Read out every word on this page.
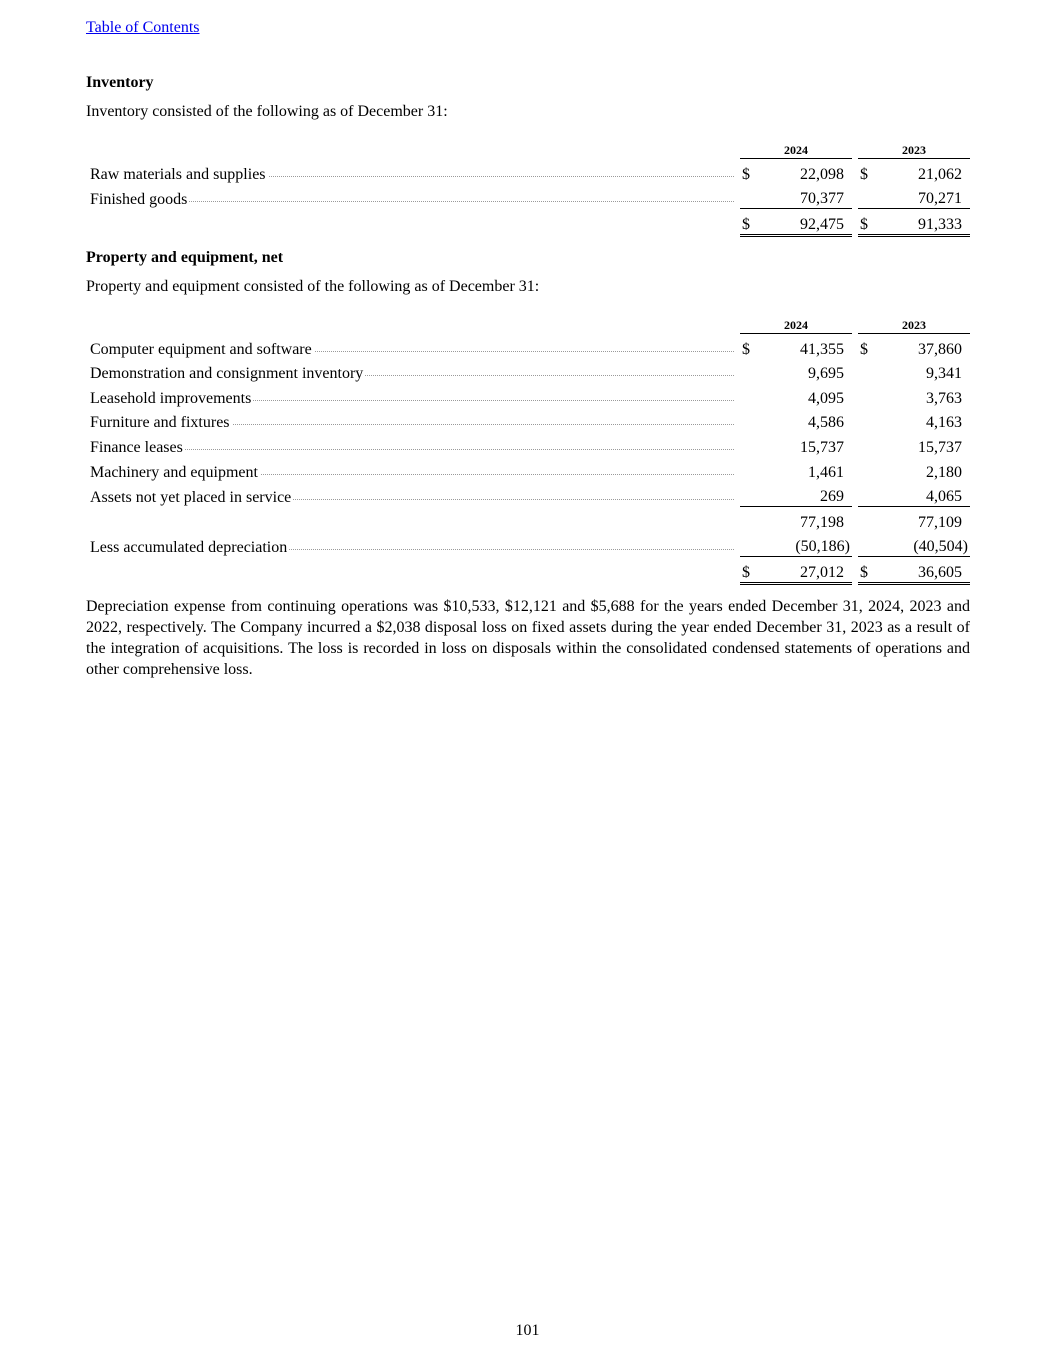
Table of Contents
Inventory
Inventory consisted of the following as of December 31:
		2024			2023	
Raw materials and supplies		$	22,098		$	21,062
Finished goods			70,377			70,271
		$	92,475		$	91,333
Property and equipment, net
Property and equipment consisted of the following as of December 31:
		2024			2023	
Computer equipment and software		$	41,355		$	37,860
Demonstration and consignment inventory			9,695			9,341
Leasehold improvements			4,095			3,763
Furniture and fixtures			4,586			4,163
Finance leases			15,737			15,737
Machinery and equipment			1,461			2,180
Assets not yet placed in service			269			4,065
			77,198			77,109
Less accumulated depreciation			(50,186)			(40,504)
		$	27,012		$	36,605
Depreciation expense from continuing operations was $10,533, $12,121 and $5,688 for the years ended December 31, 2024, 2023 and 2022, respectively. The Company incurred a $2,038 disposal loss on fixed assets during the year ended December 31, 2023 as a result of the integration of acquisitions. The loss is recorded in loss on disposals within the consolidated condensed statements of operations and other comprehensive loss.
101
